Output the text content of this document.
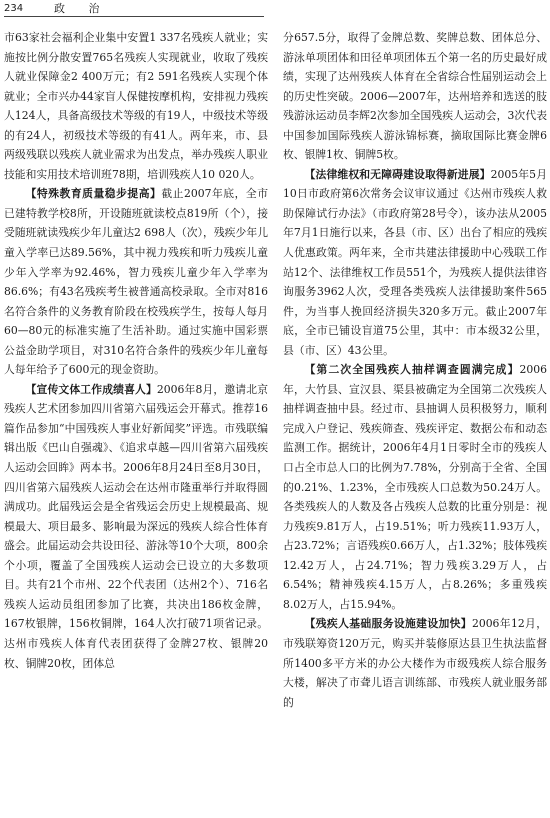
234	政 治

市63家社会福利企业集中安置1 337名残疾人就业；实施按比例分散安置765名残疾人实现就业，收取了残疾人就业保障金2 400万元；有2 591名残疾人实现个体就业；全市兴办44家盲人保健按摩机构，安排视力残疾人124人，具备高级技术等级的有19人，中级技术等级的有24人，初级技术等级的有41人。两年来，市、县两级残联以残疾人就业需求为出发点，举办残疾人职业技能和实用技术培训班78期，培训残疾人10 020人。

【特殊教育质量稳步提高】截止2007年底，全市已建特教学校8所，开设随班就读校点819所（个），接受随班就读残疾少年儿童达2 698人（次），残疾少年儿童入学率已达89.56%，其中视力残疾和听力残疾儿童少年入学率为92.46%，智力残疾儿童少年入学率为86.6%；有43名残疾考生被普通高校录取。全市对816名符合条件的义务教育阶段在校残疾学生，按每人每月60—80元的标准实施了生活补助。通过实施中国彩票公益金助学项目，对310名符合条件的残疾少年儿童每人每年给予了600元的现金资助。

【宣传文体工作成绩喜人】2006年8月，邀请北京残疾人艺术团参加四川省第六届残运会开幕式。推荐16篇作品参加“中国残疾人事业好新闻奖”评选。市残联编辑出版《巴山自强魂》、《追求卓越—四川省第六届残疾人运动会回眸》两本书。2006年8月24日至8月30日，四川省第六届残疾人运动会在达州市隆重举行并取得圆满成功。此届残运会是全省残运会历史上规模最高、规模最大、项目最多、影响最为深远的残疾人综合性体育盛会。此届运动会共设田径、游泳等10个大项，800余个小项，覆盖了全国残疾人运动会已设立的大多数项目。共有21个市州、22个代表团（达州2个）、716名残疾人运动员组团参加了比赛，共决出186枚金牌，167枚银牌，156枚铜牌，164人次打破71项省记录。达州市残疾人体育代表团获得了金牌27枚、银牌20枚、铜牌20枚，团体总

分657.5分，取得了金牌总数、奖牌总数、团体总分、游泳单项团体和田径单项团体五个第一名的历史最好成绩，实现了达州残疾人体育在全省综合性届别运动会上的历史性突破。2006—2007年，达州培养和选送的肢残游泳运动员李辉2次参加全国残疾人运动会，3次代表中国参加国际残疾人游泳锦标赛，摘取国际比赛金牌6枚、银牌1枚、铜牌5枚。

【法律维权和无障碍建设取得新进展】2005年5月10日市政府第6次常务会议审议通过《达州市残疾人救助保障试行办法》（市政府第28号令），该办法从2005年7月1日施行以来，各县（市、区）出台了相应的残疾人优惠政策。两年来，全市共建法律援助中心残联工作站12个、法律维权工作员551个，为残疾人提供法律咨询服务3962人次，受理各类残疾人法律援助案件565件，为当事人挽回经济损失320多万元。截止2007年底，全市已铺设盲道75公里，其中：市本级32公里，县（市、区）43公里。

【第二次全国残疾人抽样调查圆满完成】2006年，大竹县、宣汉县、渠县被确定为全国第二次残疾人抽样调查抽中县。经过市、县抽调人员积极努力，顺利完成入户登记、残疾筛查、残疾评定、数据公布和动态监测工作。据统计，2006年4月1日零时全市的残疾人口占全市总人口的比例为7.78%，分别高于全省、全国的0.21%、1.23%，全市残疾人口总数为50.24万人。各类残疾人的人数及各占残疾人总数的比重分别是：视力残疾9.81万人，占19.51%；听力残疾11.93万人，占23.72%；言语残疾0.66万人，占1.32%；肢体残疾12.42万人，占24.71%；智力残疾3.29万人，占6.54%；精神残疾4.15万人，占8.26%；多重残疾8.02万人，占15.94%。

【残疾人基础服务设施建设加快】2006年12月，市残联筹资120万元，购买并装修原达县卫生执法监督所1400多平方米的办公大楼作为市级残疾人综合服务大楼，解决了市聋儿语言训练部、市残疾人就业服务部的
